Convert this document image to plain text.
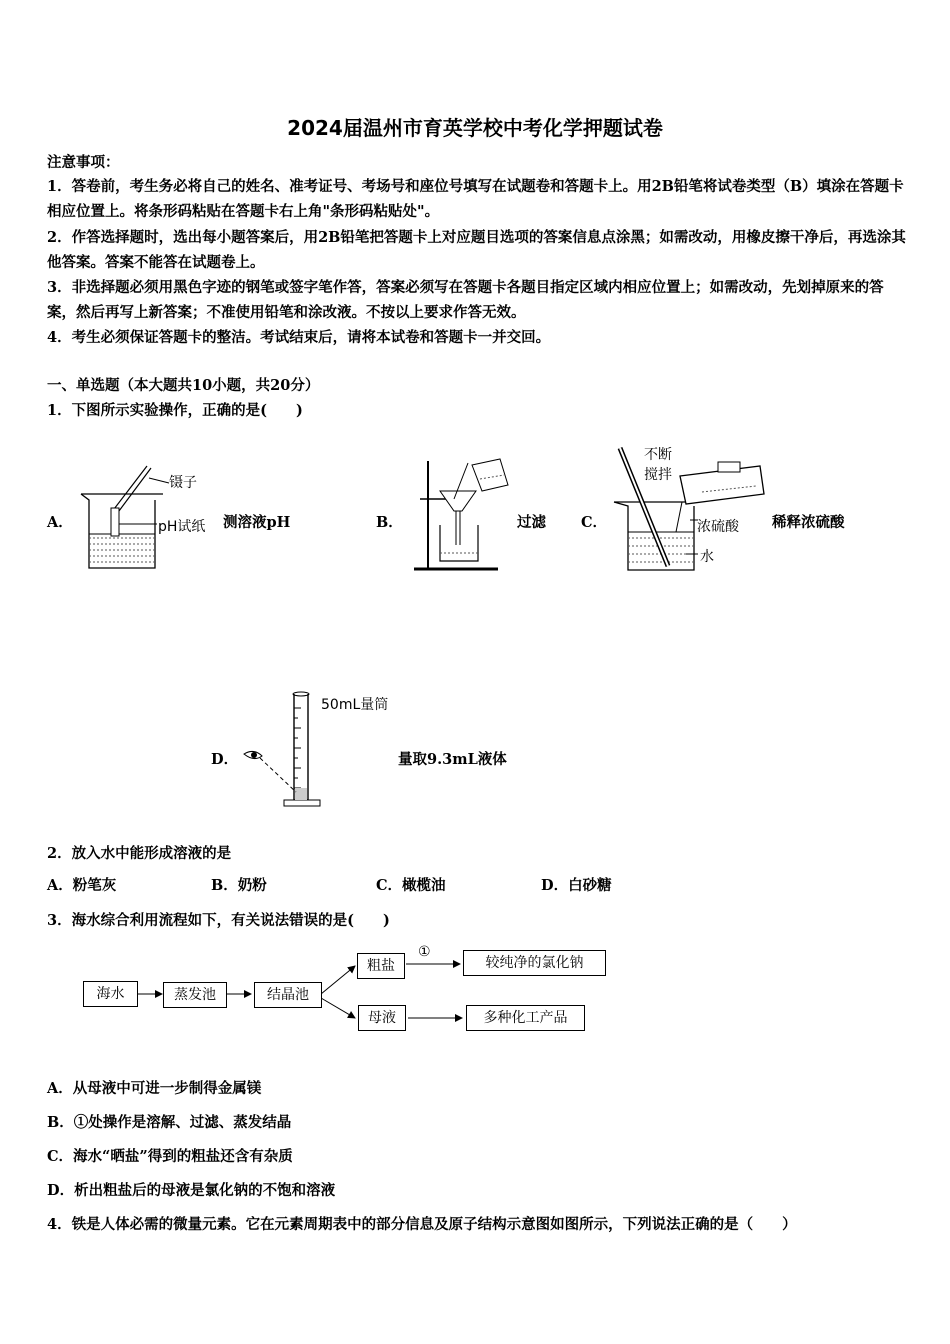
2024届温州市育英学校中考化学押题试卷
注意事项：
1．答卷前，考生务必将自己的姓名、准考证号、考场号和座位号填写在试题卷和答题卡上。用2B铅笔将试卷类型（B）填涂在答题卡相应位置上。将条形码粘贴在答题卡右上角"条形码粘贴处"。
2．作答选择题时，选出每小题答案后，用2B铅笔把答题卡上对应题目选项的答案信息点涂黑；如需改动，用橡皮擦干净后，再选涂其他答案。答案不能答在试题卷上。
3．非选择题必须用黑色字迹的钢笔或签字笔作答，答案必须写在答题卡各题目指定区域内相应位置上；如需改动，先划掉原来的答案，然后再写上新答案；不准使用铅笔和涂改液。不按以上要求作答无效。
4．考生必须保证答题卡的整洁。考试结束后，请将本试卷和答题卡一并交回。
一、单选题（本大题共10小题，共20分）
1．下图所示实验操作，正确的是(　　)
A．
镊子
pH试纸 测溶液pH	B．	过滤 C．
不断
搅拌
浓硫酸
水
稀释浓硫酸
D．
50mL量筒
量取9.3mL液体
2．放入水中能形成溶液的是
A．粉笔灰	B．奶粉	C．橄榄油	D．白砂糖
3．海水综合利用流程如下，有关说法错误的是(　　)
海水	蒸发池	结晶池
粗盐
①
较纯净的氯化钠
母液	多种化工产品
A．从母液中可进一步制得金属镁
B．①处操作是溶解、过滤、蒸发结晶
C．海水“晒盐”得到的粗盐还含有杂质
D．析出粗盐后的母液是氯化钠的不饱和溶液
4．铁是人体必需的微量元素。它在元素周期表中的部分信息及原子结构示意图如图所示，下列说法正确的是（　　）
